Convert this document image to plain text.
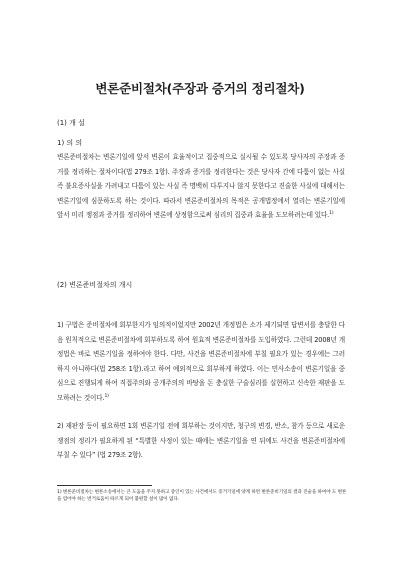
변론준비절차(주장과 증거의 정리절차)
(1) 개 설
1) 의 의
변론준비절차는 변론기일에 앞서 변론이 효율적이고 집중적으로 실시될 수 있도록 당사자의 주장과 증거를 정리하는 절차이다(법 279조 1항). 주장과 증거를 정리한다는 것은 당사자 간에 다툼이 없는 사실 즉 불요증사실을 가려내고 다툼이 있는 사실 즉 명백히 다투지나 않지 못한다고 진술한 사실에 대해서는 변론기일에 심문하도록 하는 것이다. 따라서 변론준비절차의 목적은 공개법정에서 열리는 변론기일에 앞서 미리 쟁점과 증거를 정리하여 변론에 상정함으로써 심리의 집중과 효율을 도모하려는데 있다.$^{1)}$
(2) 변론준비절차의 개시
1) 구법은 준비절차에 회부한지가 임의적이었지만 2002년 개정법은 소가 제기되면 답변서를 충달한 다음 원칙적으로 변론준비절차에 회부하도록 하여 원효적 변론준비절차를 도입하였다. 그런데 2008년 개정법은 바로 변론기일을 정하여야 한다. 다만, 사건을 변론준비절차에 부칠 필요가 있는 경우에는 그러하지 아니하다(법 258조 1항).라고 하여 예외적으로 회부하게 하였다. 이는 민사소송이 변론기일을 중심으로 진행되게 하여 직접주의와 공개주의의 바탕을 돈 충실한 구술심리를 실현하고 신속한 재판을 도모하려는 것이다.$^{1)}$
2) 재판장 등이 필요하면 1회 변론기일 전에 회부하는 것이지만, 청구의 변경, 반소, 참가 등으로 새로운 쟁점의 정리가 필요하게 된 “특별한 사정이 있는 때에는 변론기일을 연 뒤에도 사건을 변론준비절차에 부칠 수 있다” (법 279조 2항).
1) 변론준비절차는 변론소송에서는 큰 도움을 주지 못하고 중인이 있는 사건에서도 증거기일에 양계 하면 변론준비기일의 결과 진술을 하여야 도 변론을 염어야 하는 번거로움이 따르게 되어 불편할 설이 많이 없다.
